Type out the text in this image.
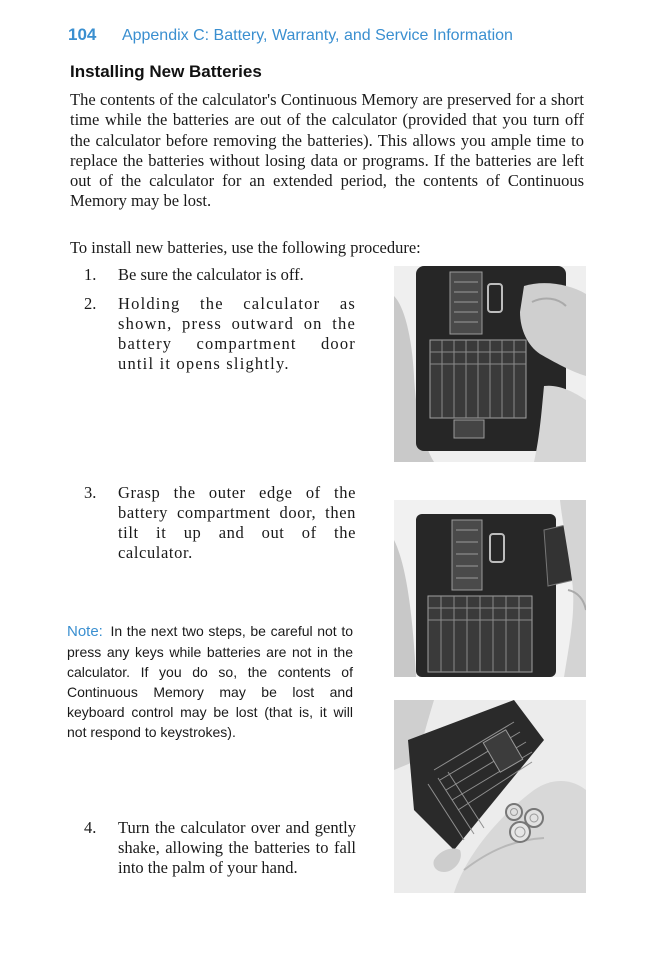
104 Appendix C: Battery, Warranty, and Service Information
Installing New Batteries

The contents of the calculator's Continuous Memory are preserved for a short time while the batteries are out of the calculator (provided that you turn off the calculator before removing the batteries). This allows you ample time to replace the batteries without losing data or programs. If the batteries are left out of the calculator for an extended period, the contents of Continuous Memory may be lost.

To install new batteries, use the following procedure:

1.	Be sure the calculator is off.
2.	Holding the calculator as shown, press outward on the battery compartment door until it opens slightly.
3.	Grasp the outer edge of the battery compartment door, then tilt it up and out of the calculator.
4.	Turn the calculator over and gently shake, allowing the batteries to fall into the palm of your hand.

Note: In the next two steps, be careful not to press any keys while batteries are not in the calculator. If you do so, the contents of Continuous Memory may be lost and keyboard control may be lost (that is, it will not respond to keystrokes).
